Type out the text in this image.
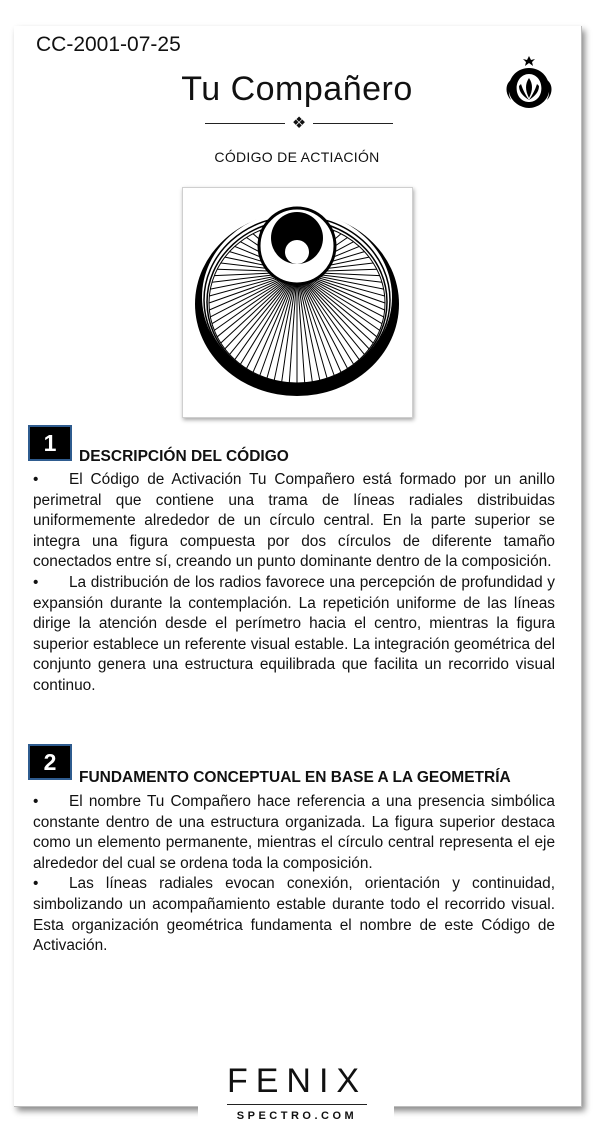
CC-2001-07-25
Tu Compañero
❖
CÓDIGO DE ACTIACIÓN
1
DESCRIPCIÓN DEL CÓDIGO
• El Código de Activación Tu Compañero está formado por un anillo perimetral que contiene una trama de líneas radiales distribuidas uniformemente alrededor de un círculo central. En la parte superior se integra una figura compuesta por dos círculos de diferente tamaño conectados entre sí, creando un punto dominante dentro de la composición.
• La distribución de los radios favorece una percepción de profundidad y expansión durante la contemplación. La repetición uniforme de las líneas dirige la atención desde el perímetro hacia el centro, mientras la figura superior establece un referente visual estable. La integración geométrica del conjunto genera una estructura equilibrada que facilita un recorrido visual continuo.
2
FUNDAMENTO CONCEPTUAL EN BASE A LA GEOMETRÍA
• El nombre Tu Compañero hace referencia a una presencia simbólica constante dentro de una estructura organizada. La figura superior destaca como un elemento permanente, mientras el círculo central representa el eje alrededor del cual se ordena toda la composición.
• Las líneas radiales evocan conexión, orientación y continuidad, simbolizando un acompañamiento estable durante todo el recorrido visual. Esta organización geométrica fundamenta el nombre de este Código de Activación.
FENIX
SPECTRO.COM
